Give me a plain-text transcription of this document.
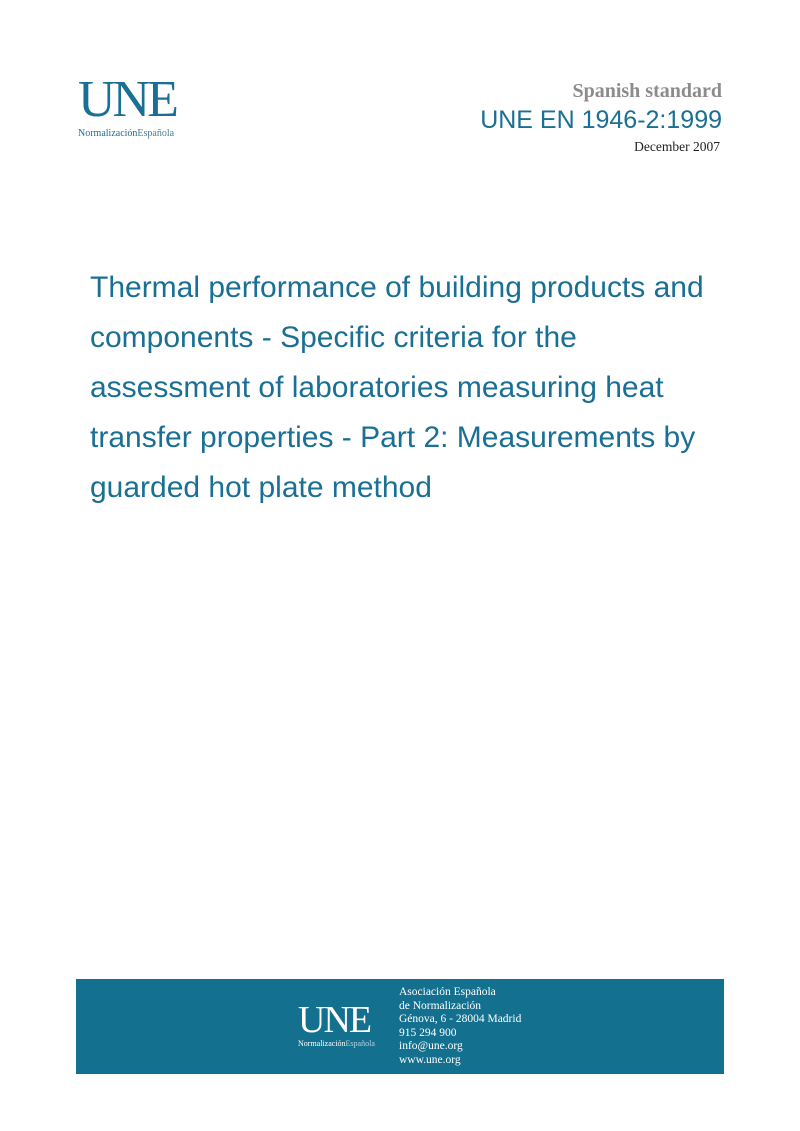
UNE
NormalizaciónEspañola
Spanish standard
UNE EN 1946-2:1999
December 2007
Thermal performance of building products and components - Specific criteria for the assessment of laboratories measuring heat transfer properties - Part 2: Measurements by guarded hot plate method
UNE
NormalizaciónEspañola
Asociación Española
de Normalización
Génova, 6 - 28004 Madrid
915 294 900
info@une.org
www.une.org
